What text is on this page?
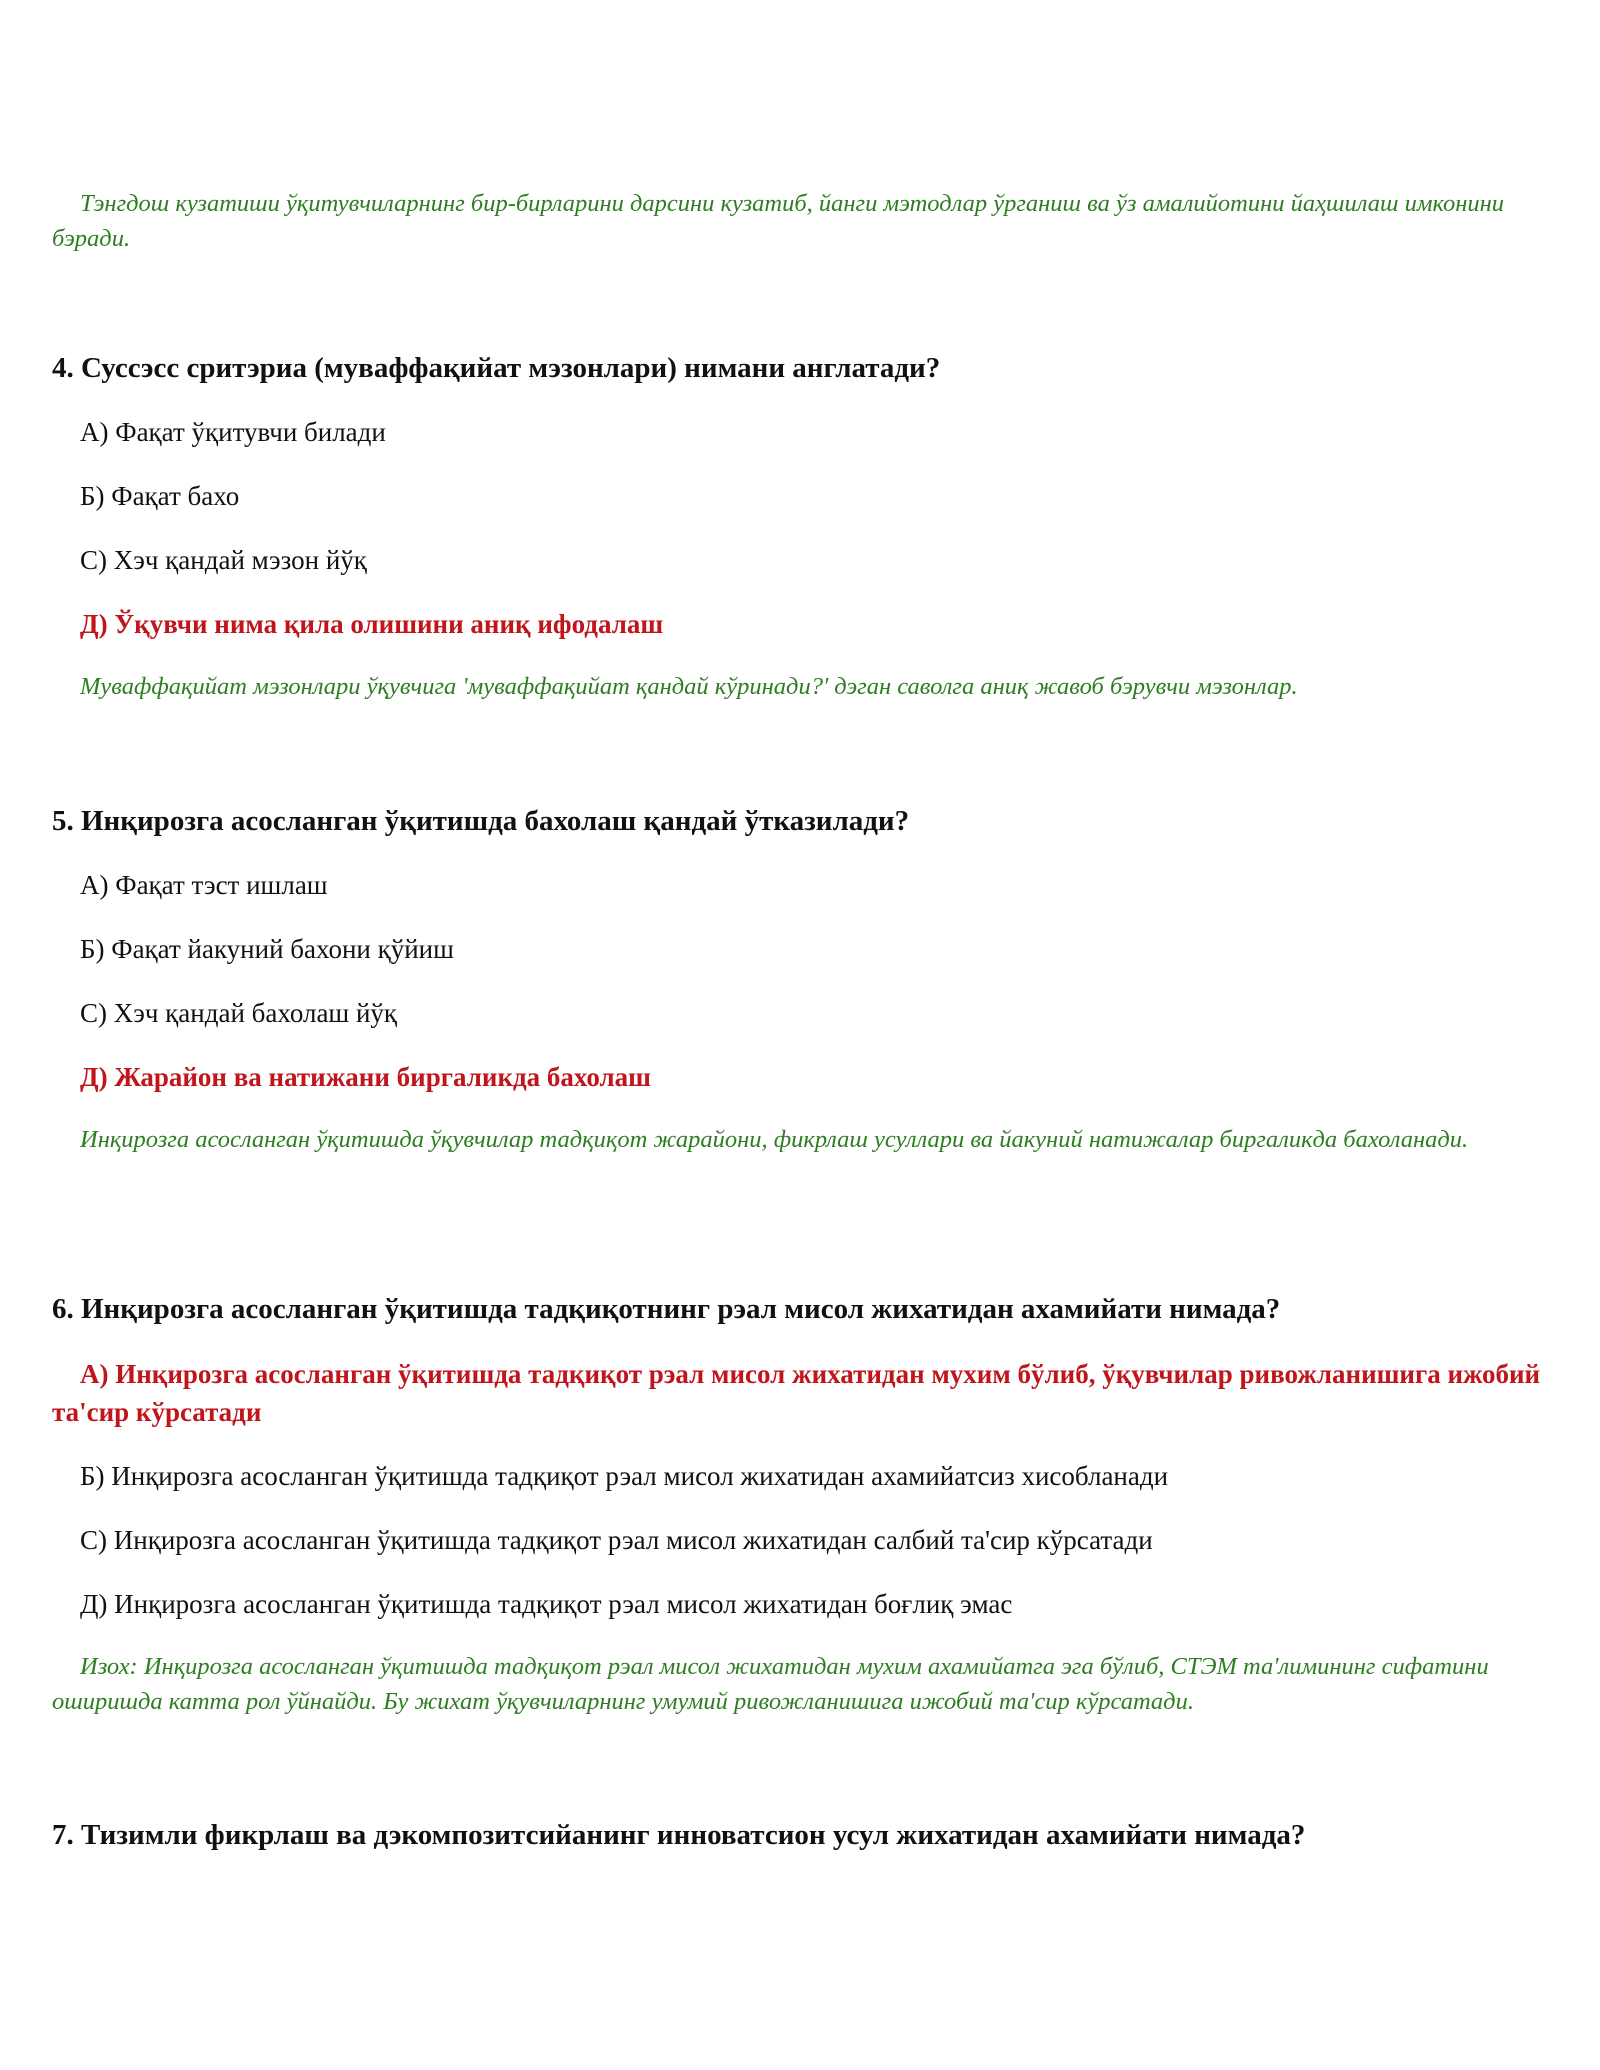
Тэнгдош кузатиши ўқитувчиларнинг бир-бирларини дарсини кузатиб, йанги мэтодлар ўрганиш ва ўз амалийотини йаҳшилаш имконини бэради.

4. Суссэсс сритэриа (муваффақийат мэзонлари) нимани англатади?

А) Фақат ўқитувчи билади

Б) Фақат бахо

С) Хэч қандай мэзон йўқ

Д) Ўқувчи нима қила олишини аниқ ифодалаш

Муваффақийат мэзонлари ўқувчига 'муваффақийат қандай кўринади?' дэган саволга аниқ жавоб бэрувчи мэзонлар.

5. Инқирозга асосланган ўқитишда бахолаш қандай ўтказилади?

А) Фақат тэст ишлаш

Б) Фақат йакуний бахони қўйиш

С) Хэч қандай бахолаш йўқ

Д) Жарайон ва натижани биргаликда бахолаш

Инқирозга асосланган ўқитишда ўқувчилар тадқиқот жарайони, фикрлаш усуллари ва йакуний натижалар биргаликда бахоланади.

6. Инқирозга асосланган ўқитишда тадқиқотнинг рэал мисол жихатидан ахамийати нимада?

А) Инқирозга асосланган ўқитишда тадқиқот рэал мисол жихатидан мухим бўлиб, ўқувчилар ривожланишига ижобий та'сир кўрсатади

Б) Инқирозга асосланган ўқитишда тадқиқот рэал мисол жихатидан ахамийатсиз хисобланади

С) Инқирозга асосланган ўқитишда тадқиқот рэал мисол жихатидан салбий та'сир кўрсатади

Д) Инқирозга асосланган ўқитишда тадқиқот рэал мисол жихатидан боғлиқ эмас

Изох: Инқирозга асосланган ўқитишда тадқиқот рэал мисол жихатидан мухим ахамийатга эга бўлиб, СТЭМ та'лимининг сифатини оширишда катта рол ўйнайди. Бу жихат ўқувчиларнинг умумий ривожланишига ижобий та'сир кўрсатади.

7. Тизимли фикрлаш ва дэкомпозитсийанинг инноватсион усул жихатидан ахамийати нимада?
